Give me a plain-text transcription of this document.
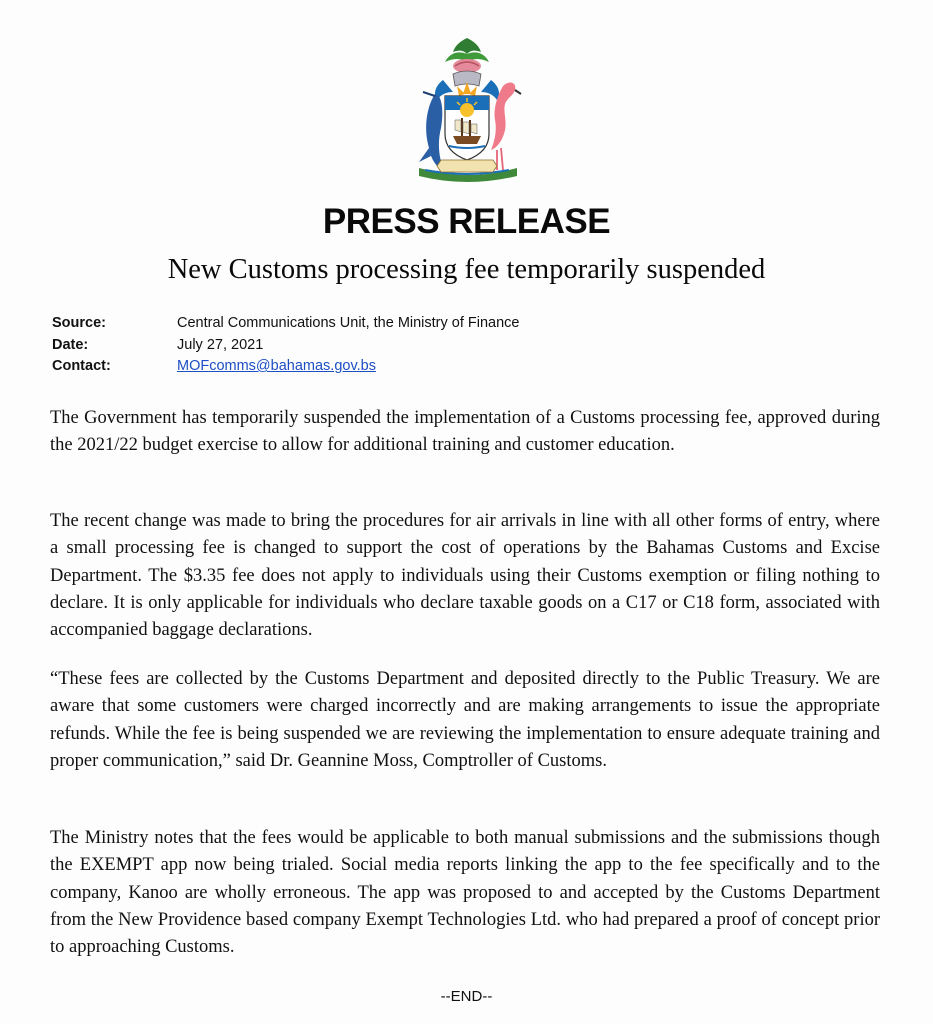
PRESS RELEASE
New Customs processing fee temporarily suspended
Source:	Central Communications Unit, the Ministry of Finance
Date:	July 27, 2021
Contact:	MOFcomms@bahamas.gov.bs

The Government has temporarily suspended the implementation of a Customs processing fee, approved during the 2021/22 budget exercise to allow for additional training and customer education.

The recent change was made to bring the procedures for air arrivals in line with all other forms of entry, where a small processing fee is changed to support the cost of operations by the Bahamas Customs and Excise Department. The $3.35 fee does not apply to individuals using their Customs exemption or filing nothing to declare. It is only applicable for individuals who declare taxable goods on a C17 or C18 form, associated with accompanied baggage declarations.

“These fees are collected by the Customs Department and deposited directly to the Public Treasury. We are aware that some customers were charged incorrectly and are making arrangements to issue the appropriate refunds. While the fee is being suspended we are reviewing the implementation to ensure adequate training and proper communication,” said Dr. Geannine Moss, Comptroller of Customs.

The Ministry notes that the fees would be applicable to both manual submissions and the submissions though the EXEMPT app now being trialed. Social media reports linking the app to the fee specifically and to the company, Kanoo are wholly erroneous. The app was proposed to and accepted by the Customs Department from the New Providence based company Exempt Technologies Ltd. who had prepared a proof of concept prior to approaching Customs.

--END--
